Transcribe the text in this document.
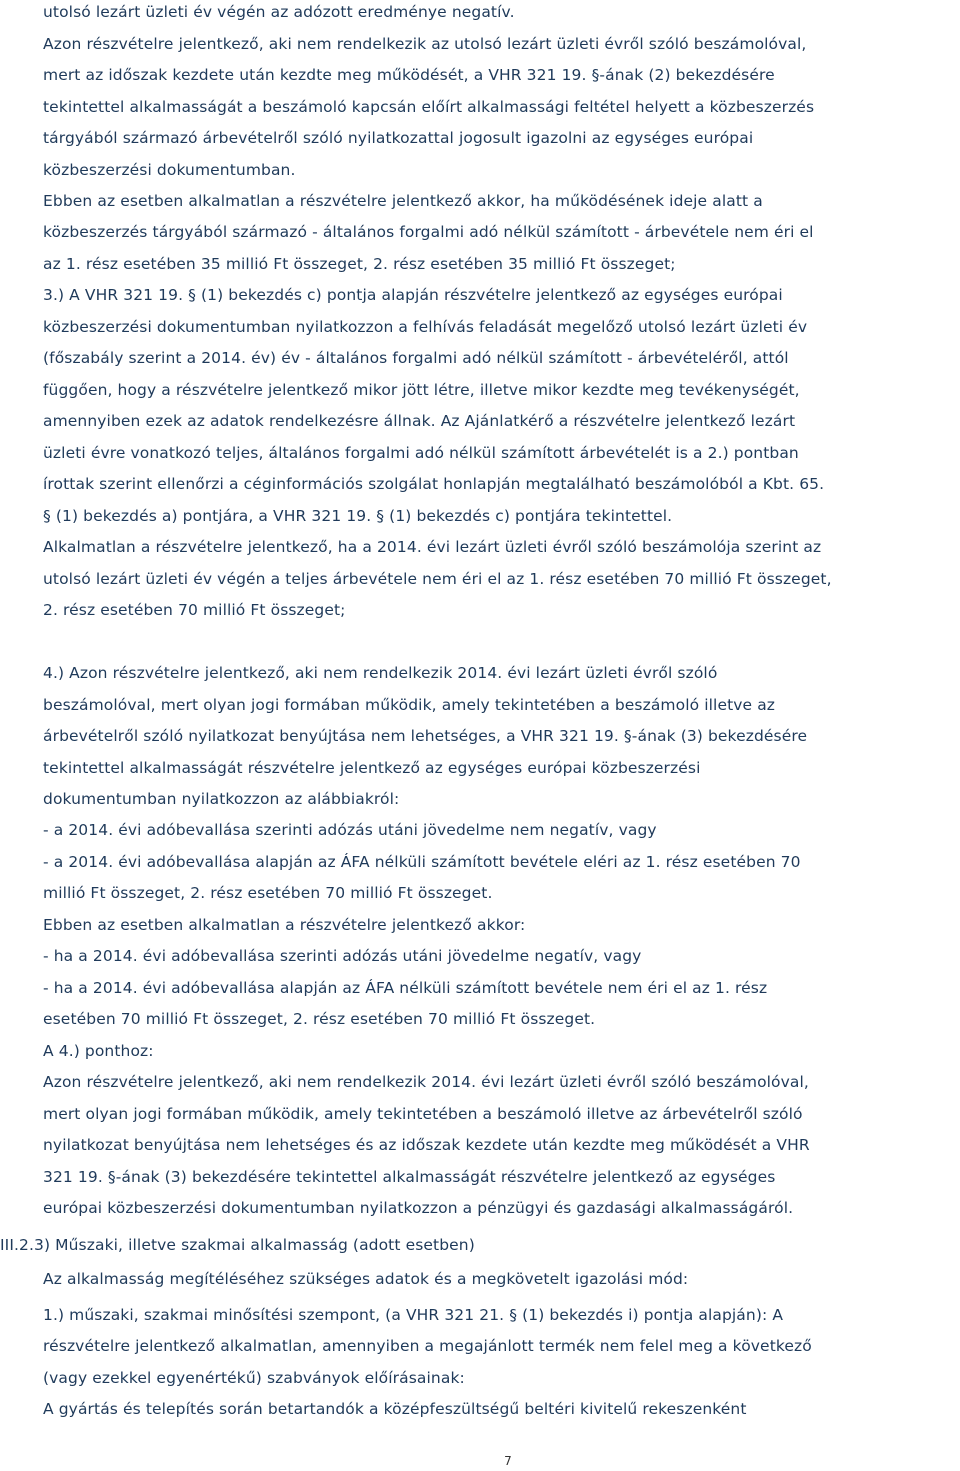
utolsó lezárt üzleti év végén az adózott eredménye negatív.
Azon részvételre jelentkező, aki nem rendelkezik az utolsó lezárt üzleti évről szóló beszámolóval,
mert az időszak kezdete után kezdte meg működését, a VHR 321 19. §-ának (2) bekezdésére
tekintettel alkalmasságát a beszámoló kapcsán előírt alkalmassági feltétel helyett a közbeszerzés
tárgyából származó árbevételről szóló nyilatkozattal jogosult igazolni az egységes európai
közbeszerzési dokumentumban.
Ebben az esetben alkalmatlan a részvételre jelentkező akkor, ha működésének ideje alatt a
közbeszerzés tárgyából származó - általános forgalmi adó nélkül számított - árbevétele nem éri el
az 1. rész esetében 35 millió Ft összeget, 2. rész esetében 35 millió Ft összeget;
3.) A VHR 321 19. § (1) bekezdés c) pontja alapján részvételre jelentkező az egységes európai
közbeszerzési dokumentumban nyilatkozzon a felhívás feladását megelőző utolsó lezárt üzleti év
(főszabály szerint a 2014. év) év - általános forgalmi adó nélkül számított - árbevételéről, attól
függően, hogy a részvételre jelentkező mikor jött létre, illetve mikor kezdte meg tevékenységét,
amennyiben ezek az adatok rendelkezésre állnak. Az Ajánlatkérő a részvételre jelentkező lezárt
üzleti évre vonatkozó teljes, általános forgalmi adó nélkül számított árbevételét is a 2.) pontban
írottak szerint ellenőrzi a céginformációs szolgálat honlapján megtalálható beszámolóból a Kbt. 65.
§ (1) bekezdés a) pontjára, a VHR 321 19. § (1) bekezdés c) pontjára tekintettel.
Alkalmatlan a részvételre jelentkező, ha a 2014. évi lezárt üzleti évről szóló beszámolója szerint az
utolsó lezárt üzleti év végén a teljes árbevétele nem éri el az 1. rész esetében 70 millió Ft összeget,
2. rész esetében 70 millió Ft összeget;
4.) Azon részvételre jelentkező, aki nem rendelkezik 2014. évi lezárt üzleti évről szóló
beszámolóval, mert olyan jogi formában működik, amely tekintetében a beszámoló illetve az
árbevételről szóló nyilatkozat benyújtása nem lehetséges, a VHR 321 19. §-ának (3) bekezdésére
tekintettel alkalmasságát részvételre jelentkező az egységes európai közbeszerzési
dokumentumban nyilatkozzon az alábbiakról:
- a 2014. évi adóbevallása szerinti adózás utáni jövedelme nem negatív, vagy
- a 2014. évi adóbevallása alapján az ÁFA nélküli számított bevétele eléri az 1. rész esetében 70
millió Ft összeget, 2. rész esetében 70 millió Ft összeget.
Ebben az esetben alkalmatlan a részvételre jelentkező akkor:
- ha a 2014. évi adóbevallása szerinti adózás utáni jövedelme negatív, vagy
- ha a 2014. évi adóbevallása alapján az ÁFA nélküli számított bevétele nem éri el az 1. rész
esetében 70 millió Ft összeget, 2. rész esetében 70 millió Ft összeget.
A 4.) ponthoz:
Azon részvételre jelentkező, aki nem rendelkezik 2014. évi lezárt üzleti évről szóló beszámolóval,
mert olyan jogi formában működik, amely tekintetében a beszámoló illetve az árbevételről szóló
nyilatkozat benyújtása nem lehetséges és az időszak kezdete után kezdte meg működését a VHR
321 19. §-ának (3) bekezdésére tekintettel alkalmasságát részvételre jelentkező az egységes
európai közbeszerzési dokumentumban nyilatkozzon a pénzügyi és gazdasági alkalmasságáról.
III.2.3) Műszaki, illetve szakmai alkalmasság (adott esetben)
Az alkalmasság megítéléséhez szükséges adatok és a megkövetelt igazolási mód:
1.) műszaki, szakmai minősítési szempont, (a VHR 321 21. § (1) bekezdés i) pontja alapján): A
részvételre jelentkező alkalmatlan, amennyiben a megajánlott termék nem felel meg a következő
(vagy ezekkel egyenértékű) szabványok előírásainak:
A gyártás és telepítés során betartandók a középfeszültségű beltéri kivitelű rekeszenként
7
